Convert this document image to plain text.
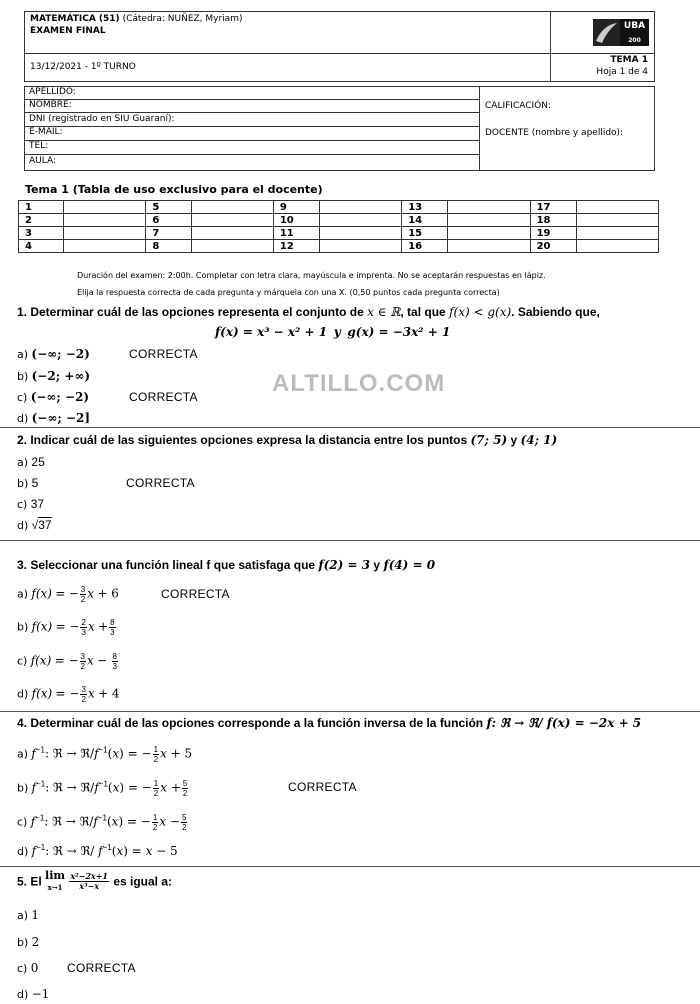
MATEMÁTICA (51) (Cátedra: NUÑEZ, Myriam)
EXAMEN FINAL
13/12/2021 - 1º TURNO
TEMA 1
Hoja 1 de 4
UBA
200
APELLIDO:
NOMBRE:
DNI (registrado en SIU Guaraní):
E-MAIL:
TEL:
AULA:
CALIFICACIÓN:
DOCENTE (nombre y apellido):
Tema 1 (Tabla de uso exclusivo para el docente)
1		5		9		13		17	
2		6		10		14		18	
3		7		11		15		19	
4		8		12		16		20	
Duración del examen: 2:00h. Completar con letra clara, mayúscula e imprenta. No se aceptarán respuestas en lápiz.
Elija la respuesta correcta de cada pregunta y márquela con una X. (0,50 puntos cada pregunta correcta)
1. Determinar cuál de las opciones representa el conjunto de x ∈ ℝ, tal que f(x) < g(x). Sabiendo que,
f(x) = x³ − x² + 1 y g(x) = −3x² + 1
a) (−∞; −2)	CORRECTA
b) (−2; +∞)
c) (−∞; −2)	CORRECTA
d) (−∞; −2]
ALTILLO.COM
2. Indicar cuál de las siguientes opciones expresa la distancia entre los puntos (7; 5) y (4; 1)
a) 25
b) 5	CORRECTA
c) 37
d) √37
3. Seleccionar una función lineal f que satisfaga que f(2) = 3 y f(4) = 0
a) f(x) = − $\frac{3}{2}$ x + 6	CORRECTA
b) f(x) = − $\frac{2}{3}$ $x + \frac{8}{3}$
c) f(x) = − $\frac{3}{2}$ $x - \frac{8}{3}$
d) f(x) = − $\frac{3}{2}$ x + 4
4. Determinar cuál de las opciones corresponde a la función inversa de la función f: ℜ → ℜ/ f(x) = −2x + 5
a) $f^{-1}$: ℜ → $ℜ/f^{-1}(x)$ = − $\frac{1}{2}$ x + 5
b) $f^{-1}$: ℜ → $ℜ/f^{-1}(x)$ = − $\frac{1}{2}$ $x + \frac{5}{2}$	CORRECTA
c) $f^{-1}$: ℜ → $ℜ/f^{-1}(x)$ = − $\frac{1}{2}$ $x - \frac{5}{2}$
d) $f^{-1}$: ℜ → ℜ/ $f^{-1}(x) = x - 5$
5. El lim
$x\to 1 \frac{\text{x²−2x+1}}{\text{x³−x}}$ es igual a:
a) 1
b) 2
c) 0 CORRECTA
d) −1
